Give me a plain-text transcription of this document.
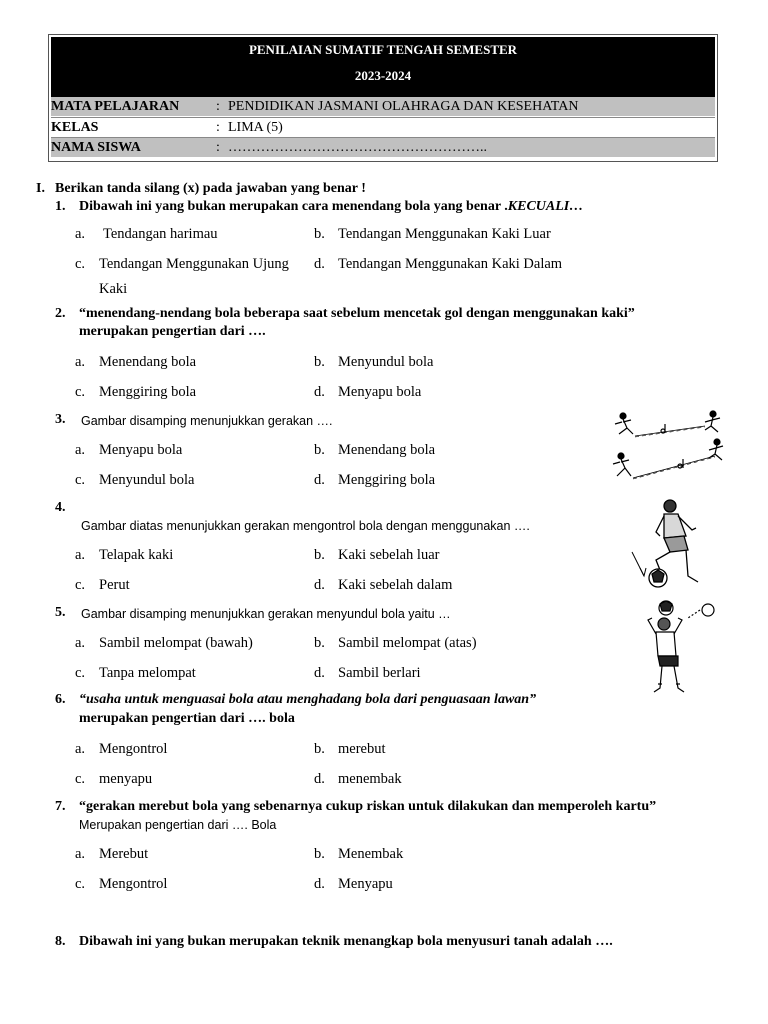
PENILAIAN SUMATIF TENGAH SEMESTER
2023-2024
MATA PELAJARAN	: PENDIDIKAN JASMANI OLAHRAGA DAN KESEHATAN
KELAS	: LIMA (5)
NAMA SISWA	: ………………………………………………..
I. Berikan tanda silang (x) pada jawaban yang benar !
1. Dibawah ini yang bukan merupakan cara menendang bola yang benar .KECUALI…
a. Tendangan harimau	b. Tendangan Menggunakan Kaki Luar
c. Tendangan Menggunakan Ujung
Kaki
d. Tendangan Menggunakan Kaki Dalam
2. “menendang-nendang bola beberapa saat sebelum mencetak gol dengan menggunakan kaki”
merupakan pengertian dari ….
a. Menendang bola	b. Menyundul bola
c. Menggiring bola	d. Menyapu bola
3. Gambar disamping menunjukkan gerakan ….
a. Menyapu bola	b. Menendang bola
c. Menyundul bola	d. Menggiring bola
4.
Gambar diatas menunjukkan gerakan mengontrol bola dengan menggunakan ….
a. Telapak kaki	b. Kaki sebelah luar
c. Perut	d. Kaki sebelah dalam
5. Gambar disamping menunjukkan gerakan menyundul bola yaitu …
a. Sambil melompat (bawah)	b. Sambil melompat (atas)
c. Tanpa melompat	d. Sambil berlari
6. “usaha untuk menguasai bola atau menghadang bola dari penguasaan lawan”
merupakan pengertian dari …. bola
a. Mengontrol	b. merebut
c. menyapu	d. menembak
7. “gerakan merebut bola yang sebenarnya cukup riskan untuk dilakukan dan memperoleh kartu”
Merupakan pengertian dari …. Bola
a. Merebut	b. Menembak
c. Mengontrol	d. Menyapu
8. Dibawah ini yang bukan merupakan teknik menangkap bola menyusuri tanah adalah ….
